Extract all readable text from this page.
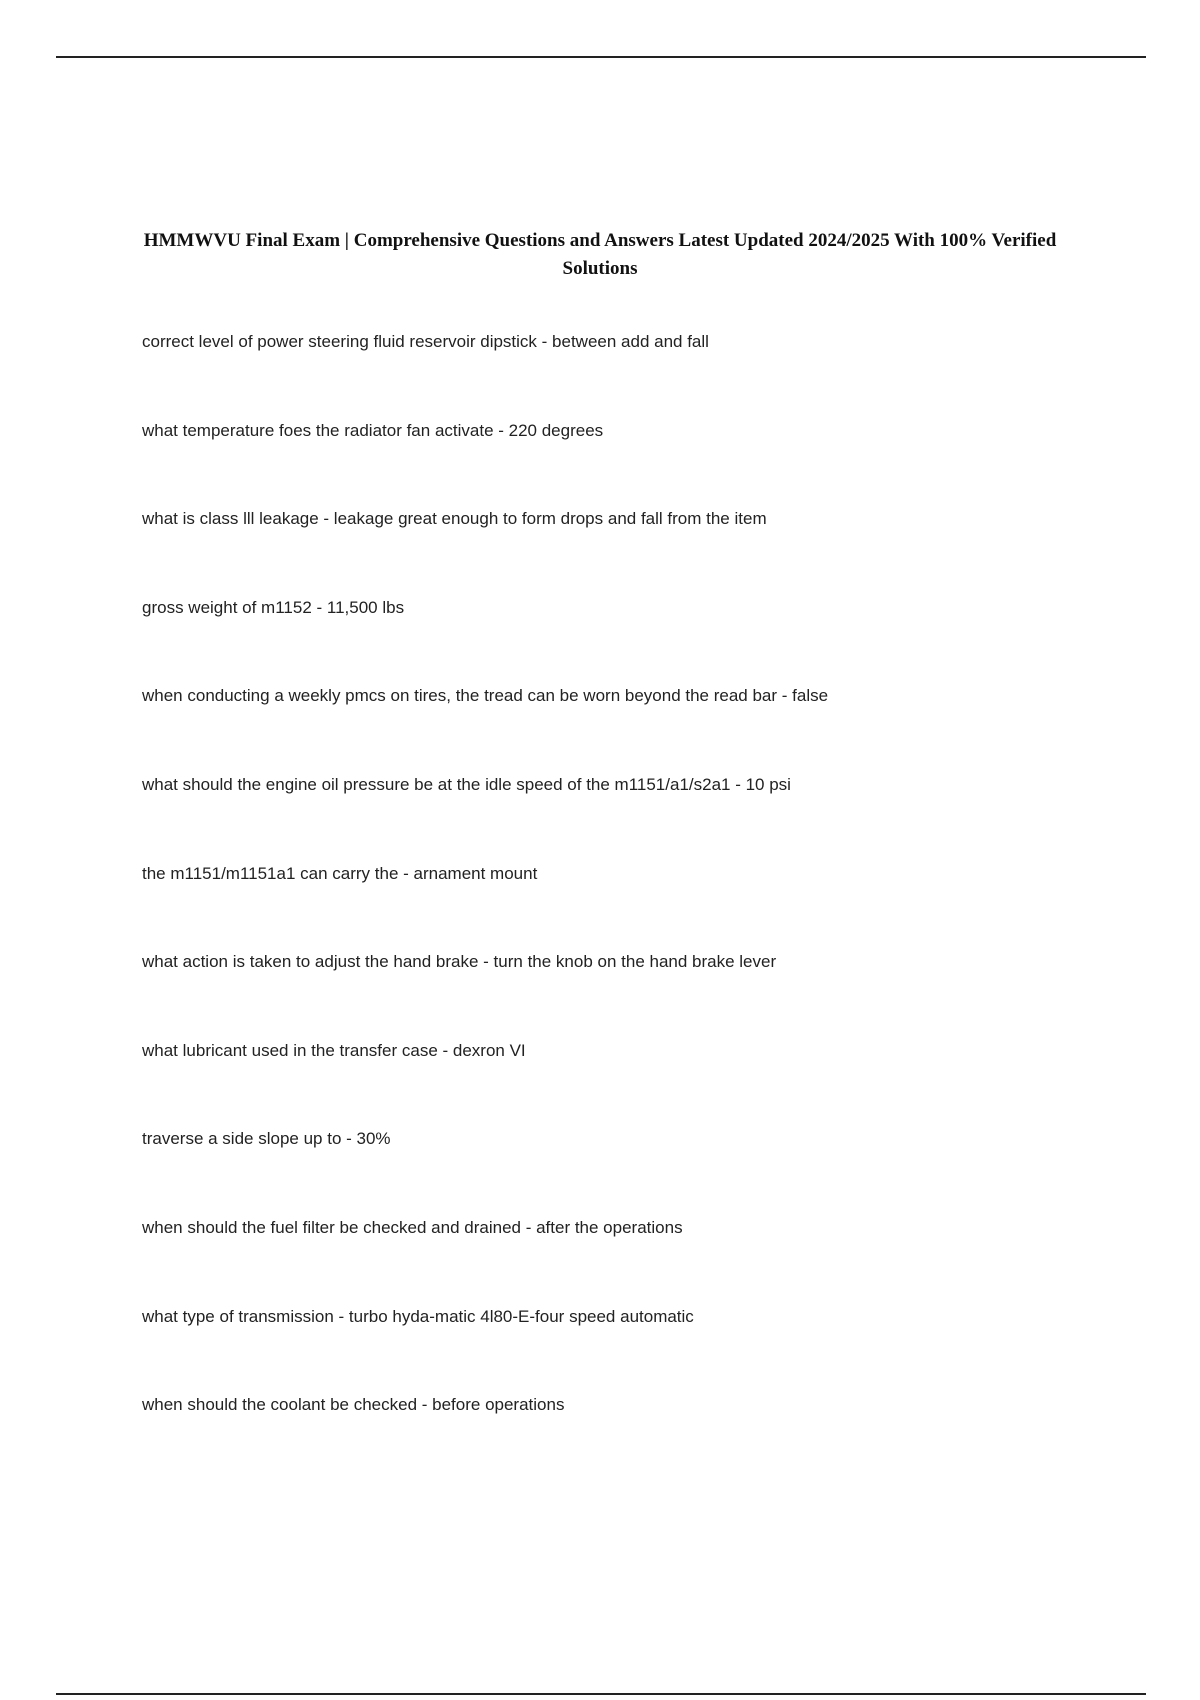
HMMWVU Final Exam | Comprehensive Questions and Answers Latest Updated 2024/2025 With 100% Verified Solutions
correct level of power steering fluid reservoir dipstick - between add and fall
what temperature foes the radiator fan activate - 220 degrees
what is class lll leakage - leakage great enough to form drops and fall from the item
gross weight of m1152 - 11,500 lbs
when conducting a weekly pmcs on tires, the tread can be worn beyond the read bar - false
what should the engine oil pressure be at the idle speed of the m1151/a1/s2a1 - 10 psi
the m1151/m1151a1 can carry the - arnament mount
what action is taken to adjust the hand brake - turn the knob on the hand brake lever
what lubricant used in the transfer case - dexron VI
traverse a side slope up to - 30%
when should the fuel filter be checked and drained - after the operations
what type of transmission - turbo hyda-matic 4l80-E-four speed automatic
when should the coolant be checked - before operations
